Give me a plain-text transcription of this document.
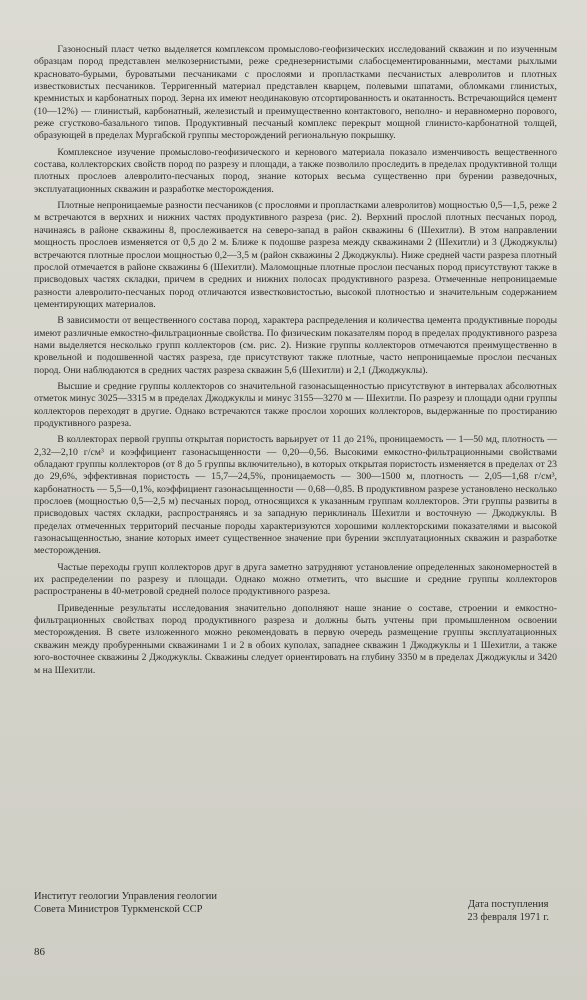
Газоносный пласт четко выделяется комплексом промыслово-геофизических исследований скважин и по изученным образцам пород представлен мелкозернистыми, реже среднезернистыми слабосцементированными, местами рыхлыми красновато-бурыми, буроватыми песчаниками с прослоями и пропластками песчанистых алевролитов и плотных известковистых песчаников. Терригенный материал представлен кварцем, полевыми шпатами, обломками глинистых, кремнистых и карбонатных пород. Зерна их имеют неодинаковую отсортированность и окатанность. Встречающийся цемент (10—12%) — глинистый, карбонатный, железистый и преимущественно контактового, неполно- и неравномерно порового, реже сгустково-базального типов. Продуктивный песчаный комплекс перекрыт мощной глинисто-карбонатной толщей, образующей в пределах Мургабской группы месторождений региональную покрышку.

Комплексное изучение промыслово-геофизического и кернового материала показало изменчивость вещественного состава, коллекторских свойств пород по разрезу и площади, а также позволило проследить в пределах продуктивной толщи плотных прослоев алевролито-песчаных пород, знание которых весьма существенно при бурении разведочных, эксплуатационных скважин и разработке месторождения.

Плотные непроницаемые разности песчаников (с прослоями и пропластками алевролитов) мощностью 0,5—1,5, реже 2 м встречаются в верхних и нижних частях продуктивного разреза (рис. 2). Верхний прослой плотных песчаных пород, начинаясь в районе скважины 8, прослеживается на северо-запад в район скважины 6 (Шехитли). В этом направлении мощность прослоев изменяется от 0,5 до 2 м. Ближе к подошве разреза между скважинами 2 (Шехитли) и 3 (Джоджуклы) встречаются плотные прослои мощностью 0,2—3,5 м (район скважины 2 Джоджуклы). Ниже средней части разреза плотный прослой отмечается в районе скважины 6 (Шехитли). Маломощные плотные прослои песчаных пород присутствуют также в присводовых частях складки, причем в средних и нижних полосах продуктивного разреза. Отмеченные непроницаемые разности алевролито-песчаных пород отличаются известковистостью, высокой плотностью и значительным содержанием цементирующих материалов.

В зависимости от вещественного состава пород, характера распределения и количества цемента продуктивные породы имеют различные емкостно-фильтрационные свойства. По физическим показателям пород в пределах продуктивного разреза нами выделяется несколько групп коллекторов (см. рис. 2). Низкие группы коллекторов отмечаются преимущественно в кровельной и подошвенной частях разреза, где присутствуют также плотные, часто непроницаемые прослои песчаных пород. Они наблюдаются в средних частях разреза скважин 5,6 (Шехитли) и 2,1 (Джоджуклы).

Высшие и средние группы коллекторов со значительной газонасыщенностью присутствуют в интервалах абсолютных отметок минус 3025—3315 м в пределах Джоджуклы и минус 3155—3270 м — Шехитли. По разрезу и площади одни группы коллекторов переходят в другие. Однако встречаются также прослои хороших коллекторов, выдержанные по простиранию продуктивного разреза.

В коллекторах первой группы открытая пористость варьирует от 11 до 21%, проницаемость — 1—50 мд, плотность — 2,32—2,10 г/см³ и коэффициент газонасыщенности — 0,20—0,56. Высокими емкостно-фильтрационными свойствами обладают группы коллекторов (от 8 до 5 группы включительно), в которых открытая пористость изменяется в пределах от 23 до 29,6%, эффективная пористость — 15,7—24,5%, проницаемость — 300—1500 м, плотность — 2,05—1,68 г/см³, карбонатность — 5,5—0,1%, коэффициент газонасыщенности — 0,68—0,85. В продуктивном разрезе установлено несколько прослоев (мощностью 0,5—2,5 м) песчаных пород, относящихся к указанным группам коллекторов. Эти группы развиты в присводовых частях складки, распространяясь и за западную периклиналь Шехитли и восточную — Джоджуклы. В пределах отмеченных территорий песчаные породы характеризуются хорошими коллекторскими показателями и высокой газонасыщенностью, знание которых имеет существенное значение при бурении эксплуатационных скважин и разработке месторождения.

Частые переходы групп коллекторов друг в друга заметно затрудняют установление определенных закономерностей в их распределении по разрезу и площади. Однако можно отметить, что высшие и средние группы коллекторов распространены в 40-метровой средней полосе продуктивного разреза.

Приведенные результаты исследования значительно дополняют наше знание о составе, строении и емкостно-фильтрационных свойствах пород продуктивного разреза и должны быть учтены при промышленном освоении месторождения. В свете изложенного можно рекомендовать в первую очередь размещение группы эксплуатационных скважин между пробуренными скважинами 1 и 2 в обоих куполах, западнее скважин 1 Джоджуклы и 1 Шехитли, а также юго-восточнее скважины 2 Джоджуклы. Скважины следует ориентировать на глубину 3350 м в пределах Джоджуклы и 3420 м на Шехитли.

Институт геологии Управления геологии
Совета Министров Туркменской ССР	Дата поступления
23 февраля 1971 г.
86
